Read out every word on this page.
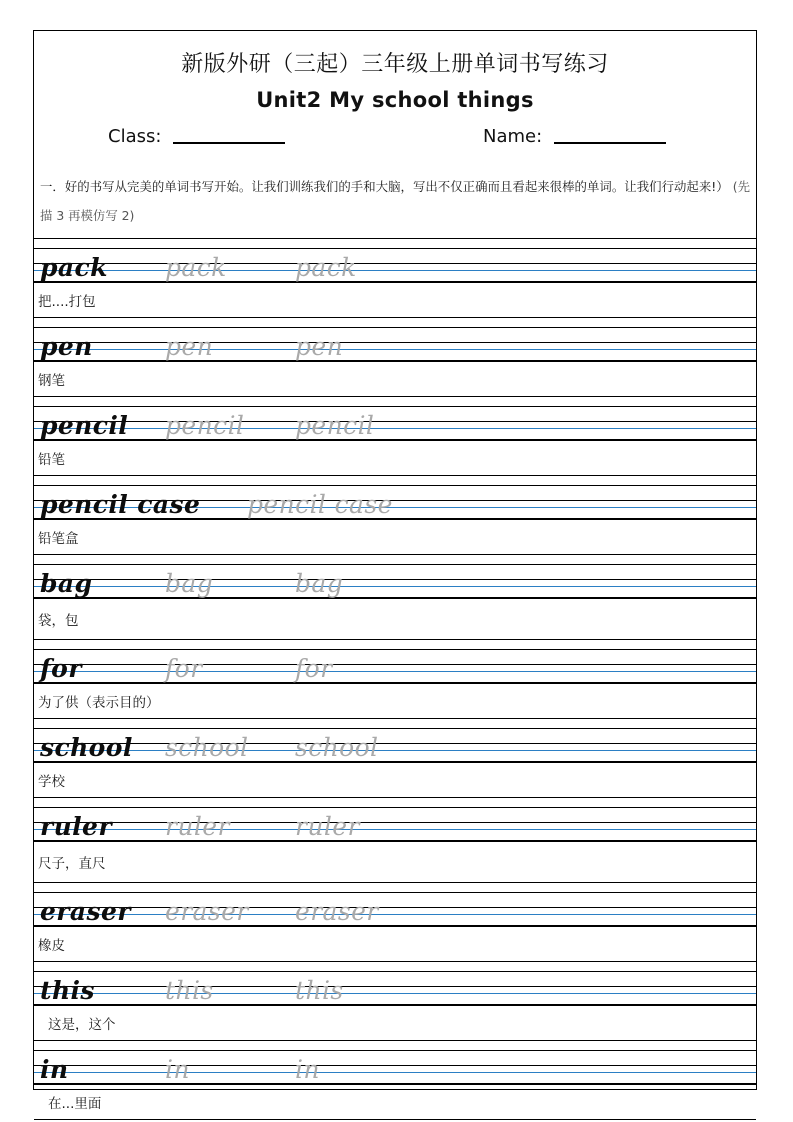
新版外研（三起）三年级上册单词书写练习
Unit2 My school things
Class:	Name:
一．好的书写从完美的单词书写开始。让我们训练我们的手和大脑，写出不仅正确而且看起来很棒的单词。让我们行动起来!） (先描 3 再模仿写 2)
pack pack	pack
把....打包
pen	pen	pen
钢笔
pencil pencil pencil
铅笔
pencil case pencil case
铅笔盒
bag	bag	bag
袋，包
for	for	for
为了供（表示目的）
school school school
学校
ruler ruler	ruler
尺子，直尺
eraser eraser eraser
橡皮
this	this	this
这是，这个
in	in	in
在...里面
